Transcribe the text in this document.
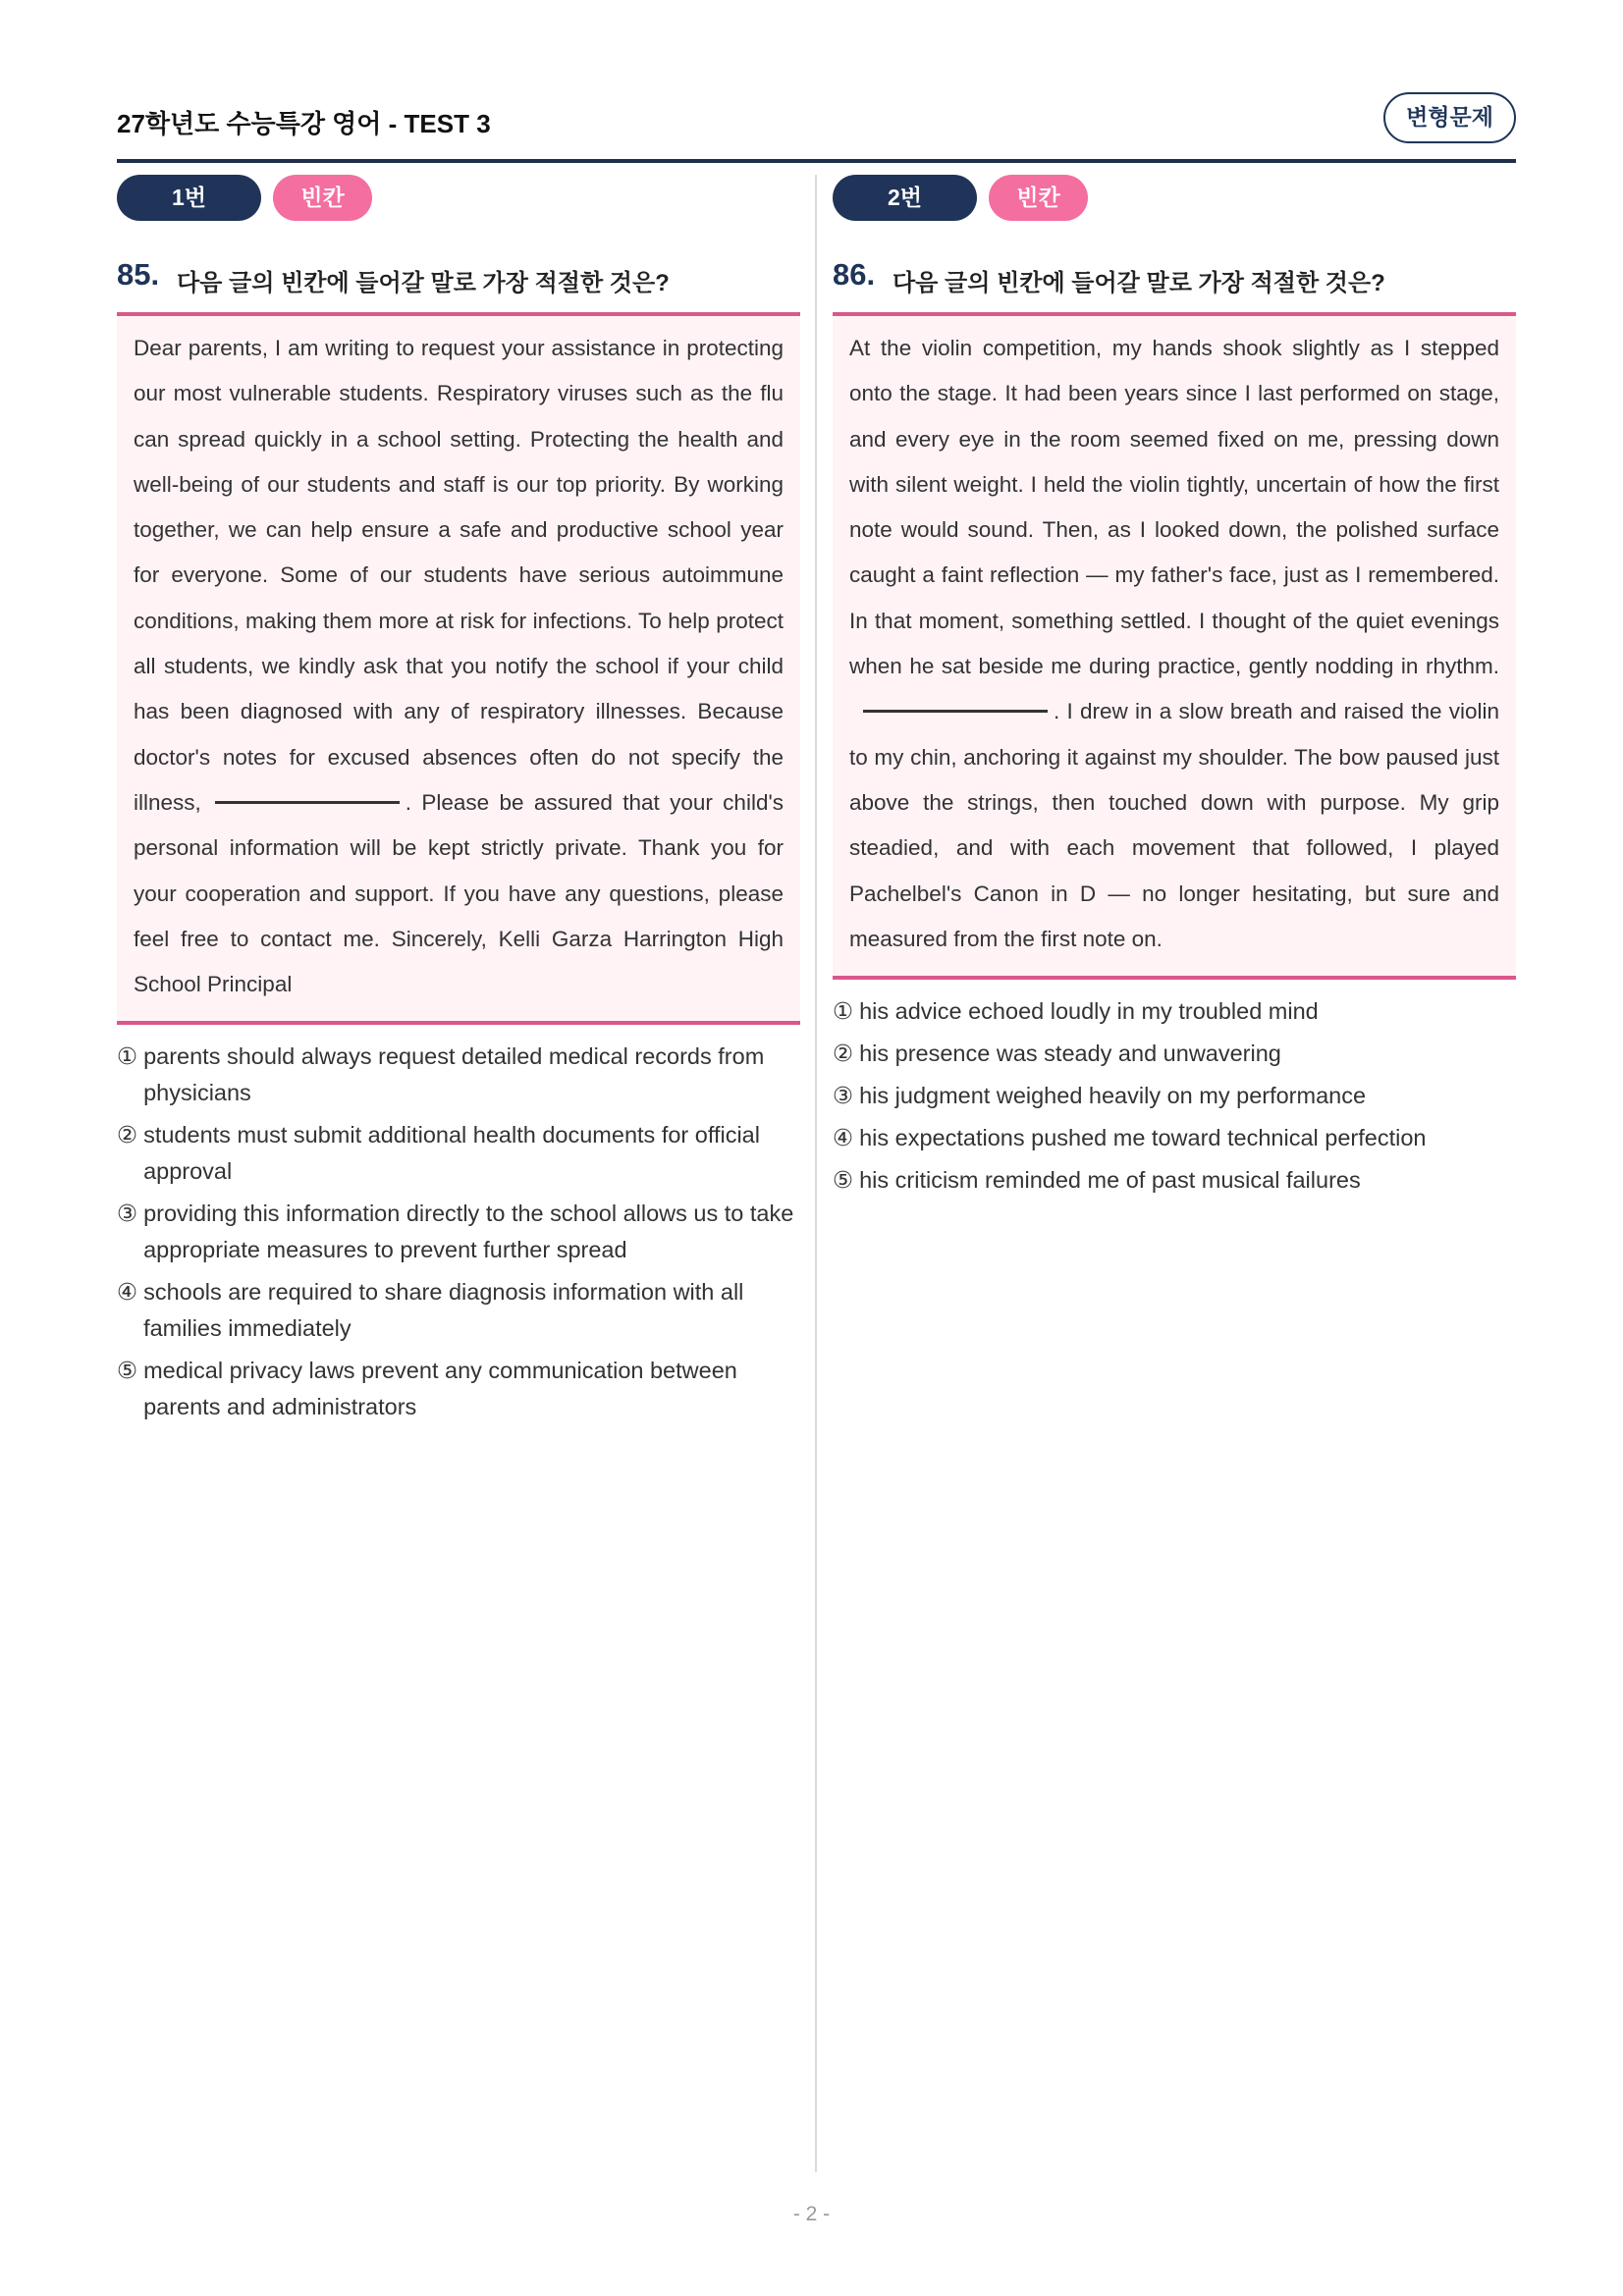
27학년도 수능특강 영어 - TEST 3	변형문제
1번	빈칸
85. 다음 글의 빈칸에 들어갈 말로 가장 적절한 것은?

Dear parents, I am writing to request your assistance in protecting our most vulnerable students. Respiratory viruses such as the flu can spread quickly in a school setting. Protecting the health and well-being of our students and staff is our top priority. By working together, we can help ensure a safe and productive school year for everyone. Some of our students have serious autoimmune conditions, making them more at risk for infections. To help protect all students, we kindly ask that you notify the school if your child has been diagnosed with any of respiratory illnesses. Because doctor's notes for excused absences often do not specify the illness,	. Please be assured that your child's personal information will be kept strictly private. Thank you for your cooperation and support. If you have any questions, please feel free to contact me. Sincerely, Kelli Garza Harrington High School Principal

① parents should always request detailed medical records from physicians
② students must submit additional health documents for official approval
③ providing this information directly to the school allows us to take appropriate measures to prevent further spread
④ schools are required to share diagnosis information with all families immediately
⑤ medical privacy laws prevent any communication between parents and administrators
2번	빈칸
86. 다음 글의 빈칸에 들어갈 말로 가장 적절한 것은?

At the violin competition, my hands shook slightly as I stepped onto the stage. It had been years since I last performed on stage, and every eye in the room seemed fixed on me, pressing down with silent weight. I held the violin tightly, uncertain of how the first note would sound. Then, as I looked down, the polished surface caught a faint reflection — my father's face, just as I remembered. In that moment, something settled. I thought of the quiet evenings when he sat beside me during practice, gently nodding in rhythm.. I drew in a slow breath and raised the violin to my chin, anchoring it against my shoulder. The bow paused just above the strings, then touched down with purpose. My grip steadied, and with each movement that followed, I played Pachelbel's Canon in D — no longer hesitating, but sure and measured from the first note on.

① his advice echoed loudly in my troubled mind
② his presence was steady and unwavering
③ his judgment weighed heavily on my performance
④ his expectations pushed me toward technical perfection
⑤ his criticism reminded me of past musical failures
- 2 -
